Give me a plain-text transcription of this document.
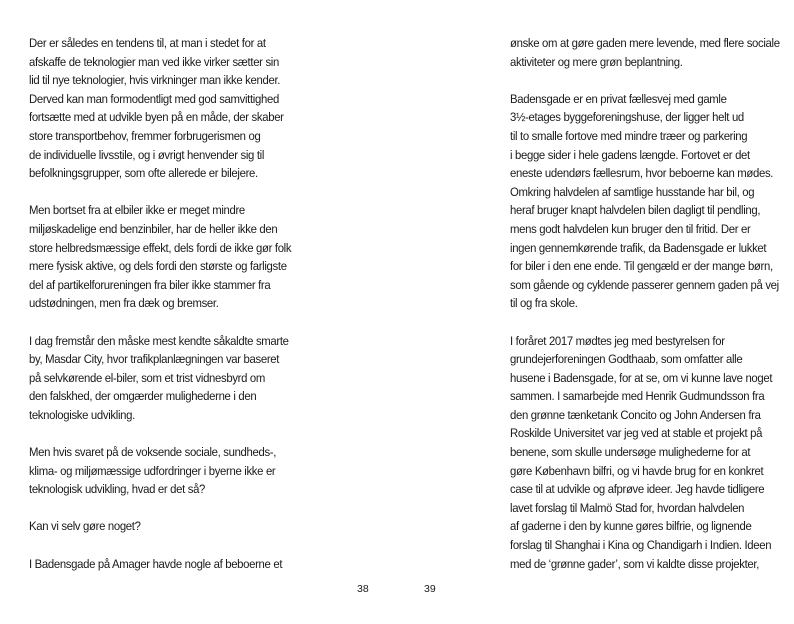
Der er således en tendens til, at man i stedet for at
afskaffe de teknologier man ved ikke virker sætter sin
lid til nye teknologier, hvis virkninger man ikke kender.
Derved kan man formodentligt med god samvittighed
fortsætte med at udvikle byen på en måde, der skaber
store transportbehov, fremmer forbrugerismen og
de individuelle livsstile, og i øvrigt henvender sig til
befolkningsgrupper, som ofte allerede er bilejere.

Men bortset fra at elbiler ikke er meget mindre
miljøskadelige end benzinbiler, har de heller ikke den
store helbredsmæssige effekt, dels fordi de ikke gør folk
mere fysisk aktive, og dels fordi den største og farligste
del af partikelforureningen fra biler ikke stammer fra
udstødningen, men fra dæk og bremser.

I dag fremstår den måske mest kendte såkaldte smarte
by, Masdar City, hvor trafikplanlægningen var baseret
på selvkørende el-biler, som et trist vidnesbyrd om
den falskhed, der omgærder mulighederne i den
teknologiske udvikling.

Men hvis svaret på de voksende sociale, sundheds-,
klima- og miljømæssige udfordringer i byerne ikke er
teknologisk udvikling, hvad er det så?

Kan vi selv gøre noget?

I Badensgade på Amager havde nogle af beboerne et

ønske om at gøre gaden mere levende, med flere sociale
aktiviteter og mere grøn beplantning.

Badensgade er en privat fællesvej med gamle
3½-etages byggeforeningshuse, der ligger helt ud
til to smalle fortove med mindre træer og parkering
i begge sider i hele gadens længde. Fortovet er det
eneste udendørs fællesrum, hvor beboerne kan mødes.
Omkring halvdelen af samtlige husstande har bil, og
heraf bruger knapt halvdelen bilen dagligt til pendling,
mens godt halvdelen kun bruger den til fritid. Der er
ingen gennemkørende trafik, da Badensgade er lukket
for biler i den ene ende. Til gengæld er der mange børn,
som gående og cyklende passerer gennem gaden på vej
til og fra skole.

I foråret 2017 mødtes jeg med bestyrelsen for
grundejerforeningen Godthaab, som omfatter alle
husene i Badensgade, for at se, om vi kunne lave noget
sammen. I samarbejde med Henrik Gudmundsson fra
den grønne tænketank Concito og John Andersen fra
Roskilde Universitet var jeg ved at stable et projekt på
benene, som skulle undersøge mulighederne for at
gøre København bilfri, og vi havde brug for en konkret
case til at udvikle og afprøve ideer. Jeg havde tidligere
lavet forslag til Malmö Stad for, hvordan halvdelen
af gaderne i den by kunne gøres bilfrie, og lignende
forslag til Shanghai i Kina og Chandigarh i Indien. Ideen
med de ‘grønne gader’, som vi kaldte disse projekter,

38	39
